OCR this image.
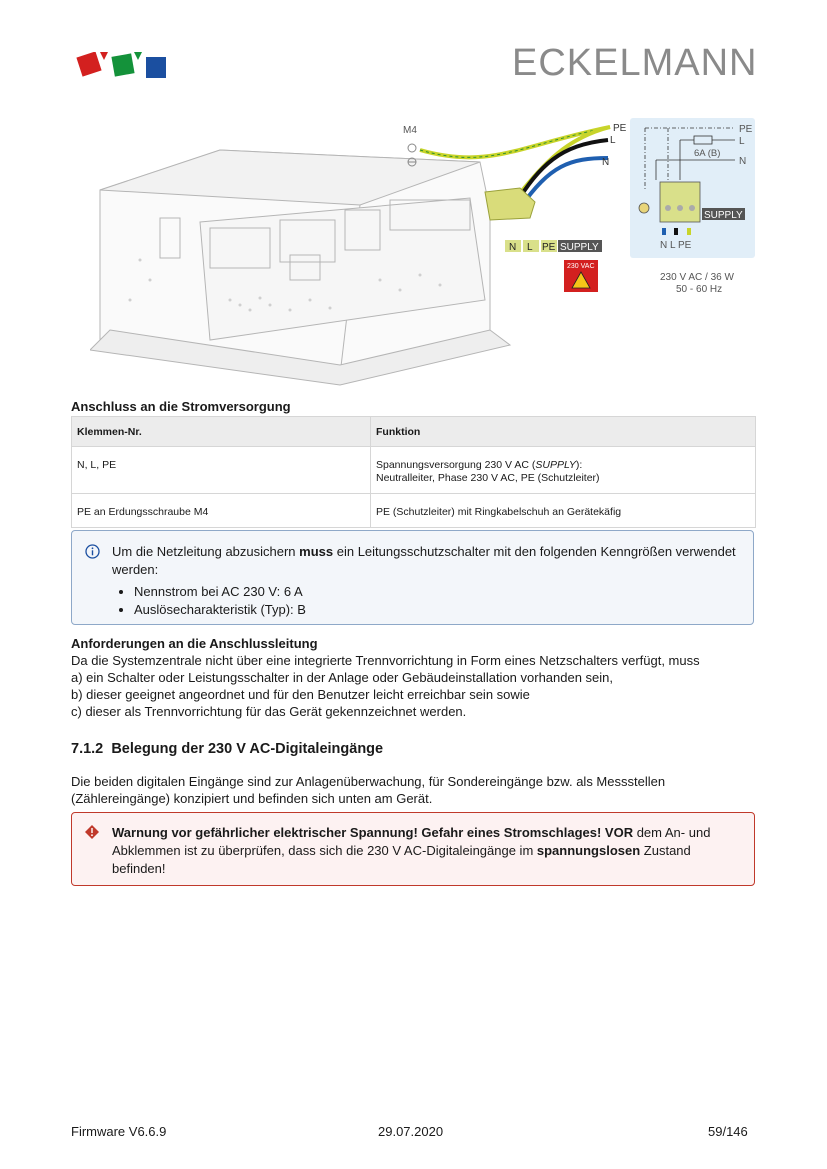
ECKELMANN
M4	PE
L
N
N L PE SUPPLY
230 VAC
PE
L
N
6A (B)
SUPPLY
N L PE
230 V AC / 36 W
50 - 60 Hz
Anschluss an die Stromversorgung
Klemmen-Nr.	Funktion
N, L, PE	Spannungsversorgung 230 V AC (SUPPLY):
Neutralleiter, Phase 230 V AC, PE (Schutzleiter)
PE an Erdungsschraube M4	PE (Schutzleiter) mit Ringkabelschuh an Gerätekäfig
Um die Netzleitung abzusichern muss ein Leitungsschutzschalter mit den folgenden Kenngrößen verwendet werden:
• Nennstrom bei AC 230 V: 6 A
• Auslösecharakteristik (Typ): B
Anforderungen an die Anschlussleitung
Da die Systemzentrale nicht über eine integrierte Trennvorrichtung in Form eines Netzschalters verfügt, muss
a) ein Schalter oder Leistungsschalter in der Anlage oder Gebäudeinstallation vorhanden sein,
b) dieser geeignet angeordnet und für den Benutzer leicht erreichbar sein sowie
c) dieser als Trennvorrichtung für das Gerät gekennzeichnet werden.
7.1.2 Belegung der 230 V AC-Digitaleingänge
Die beiden digitalen Eingänge sind zur Anlagenüberwachung, für Sondereingänge bzw. als Messstellen
(Zählereingänge) konzipiert und befinden sich unten am Gerät.
Warnung vor gefährlicher elektrischer Spannung! Gefahr eines Stromschlages! VOR dem An- und Abklemmen ist zu überprüfen, dass sich die 230 V AC-Digitaleingänge im spannungslosen Zustand befinden!
Firmware V6.6.9	29.07.2020	59/146
